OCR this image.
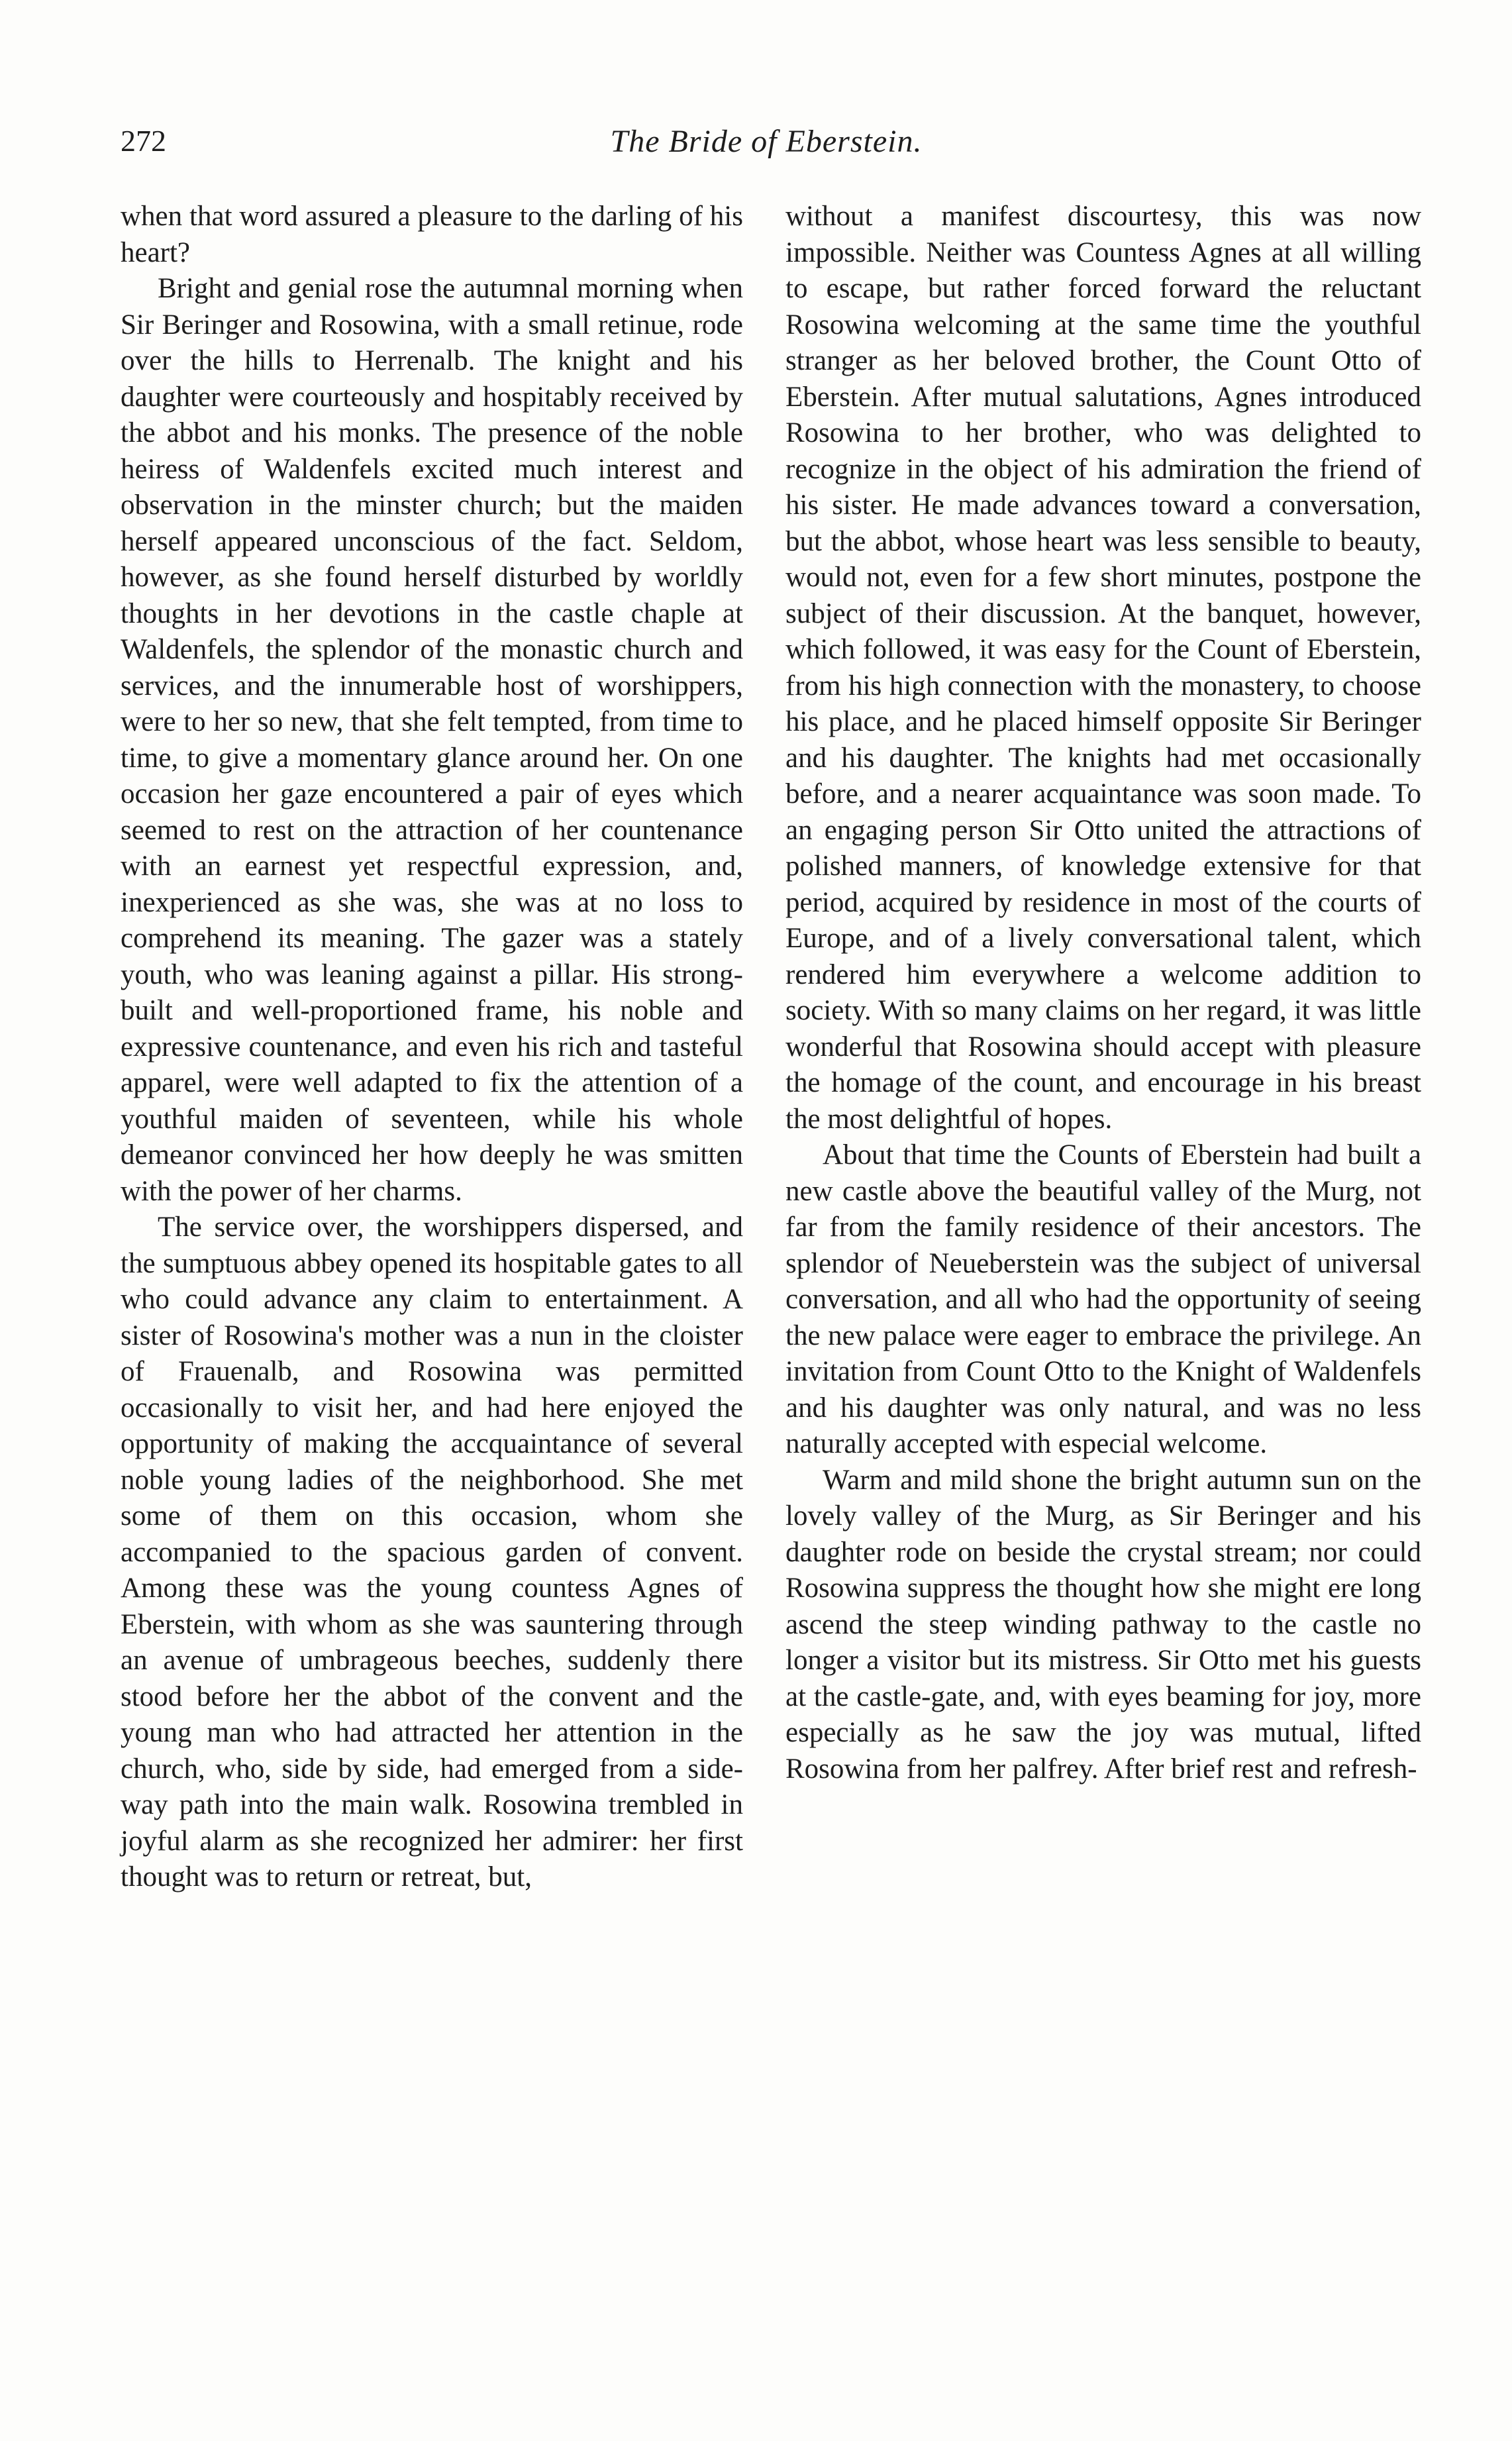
The Bride of Eberstein.
272

when that word assured a pleasure to the darling of his heart?

Bright and genial rose the autumnal morning when Sir Beringer and Rosowina, with a small retinue, rode over the hills to Herrenalb. The knight and his daughter were courteously and hospitably received by the abbot and his monks. The presence of the noble heiress of Waldenfels excited much interest and observation in the minster church; but the maiden herself appeared unconscious of the fact. Seldom, however, as she found herself disturbed by worldly thoughts in her devotions in the castle chaple at Waldenfels, the splendor of the monastic church and services, and the innumerable host of worshippers, were to her so new, that she felt tempted, from time to time, to give a momentary glance around her. On one occasion her gaze encountered a pair of eyes which seemed to rest on the attraction of her countenance with an earnest yet respectful expression, and, inexperienced as she was, she was at no loss to comprehend its meaning. The gazer was a stately youth, who was leaning against a pillar. His strong-built and well-proportioned frame, his noble and expressive countenance, and even his rich and tasteful apparel, were well adapted to fix the attention of a youthful maiden of seventeen, while his whole demeanor convinced her how deeply he was smitten with the power of her charms.

The service over, the worshippers dispersed, and the sumptuous abbey opened its hospitable gates to all who could advance any claim to entertainment. A sister of Rosowina's mother was a nun in the cloister of Frauenalb, and Rosowina was permitted occasionally to visit her, and had here enjoyed the opportunity of making the accquaintance of several noble young ladies of the neighborhood. She met some of them on this occasion, whom she accompanied to the spacious garden of convent. Among these was the young countess Agnes of Eberstein, with whom as she was sauntering through an avenue of umbrageous beeches, suddenly there stood before her the abbot of the convent and the young man who had attracted her attention in the church, who, side by side, had emerged from a side-way path into the main walk. Rosowina trembled in joyful alarm as she recognized her admirer: her first thought was to return or retreat, but,

without a manifest discourtesy, this was now impossible. Neither was Countess Agnes at all willing to escape, but rather forced forward the reluctant Rosowina welcoming at the same time the youthful stranger as her beloved brother, the Count Otto of Eberstein. After mutual salutations, Agnes introduced Rosowina to her brother, who was delighted to recognize in the object of his admiration the friend of his sister. He made advances toward a conversation, but the abbot, whose heart was less sensible to beauty, would not, even for a few short minutes, postpone the subject of their discussion. At the banquet, however, which followed, it was easy for the Count of Eberstein, from his high connection with the monastery, to choose his place, and he placed himself opposite Sir Beringer and his daughter. The knights had met occasionally before, and a nearer acquaintance was soon made. To an engaging person Sir Otto united the attractions of polished manners, of knowledge extensive for that period, acquired by residence in most of the courts of Europe, and of a lively conversational talent, which rendered him everywhere a welcome addition to society. With so many claims on her regard, it was little wonderful that Rosowina should accept with pleasure the homage of the count, and encourage in his breast the most delightful of hopes.

About that time the Counts of Eberstein had built a new castle above the beautiful valley of the Murg, not far from the family residence of their ancestors. The splendor of Neueberstein was the subject of universal conversation, and all who had the opportunity of seeing the new palace were eager to embrace the privilege. An invitation from Count Otto to the Knight of Waldenfels and his daughter was only natural, and was no less naturally accepted with especial welcome.

Warm and mild shone the bright autumn sun on the lovely valley of the Murg, as Sir Beringer and his daughter rode on beside the crystal stream; nor could Rosowina suppress the thought how she might ere long ascend the steep winding pathway to the castle no longer a visitor but its mistress. Sir Otto met his guests at the castle-gate, and, with eyes beaming for joy, more especially as he saw the joy was mutual, lifted Rosowina from her palfrey. After brief rest and refresh-
